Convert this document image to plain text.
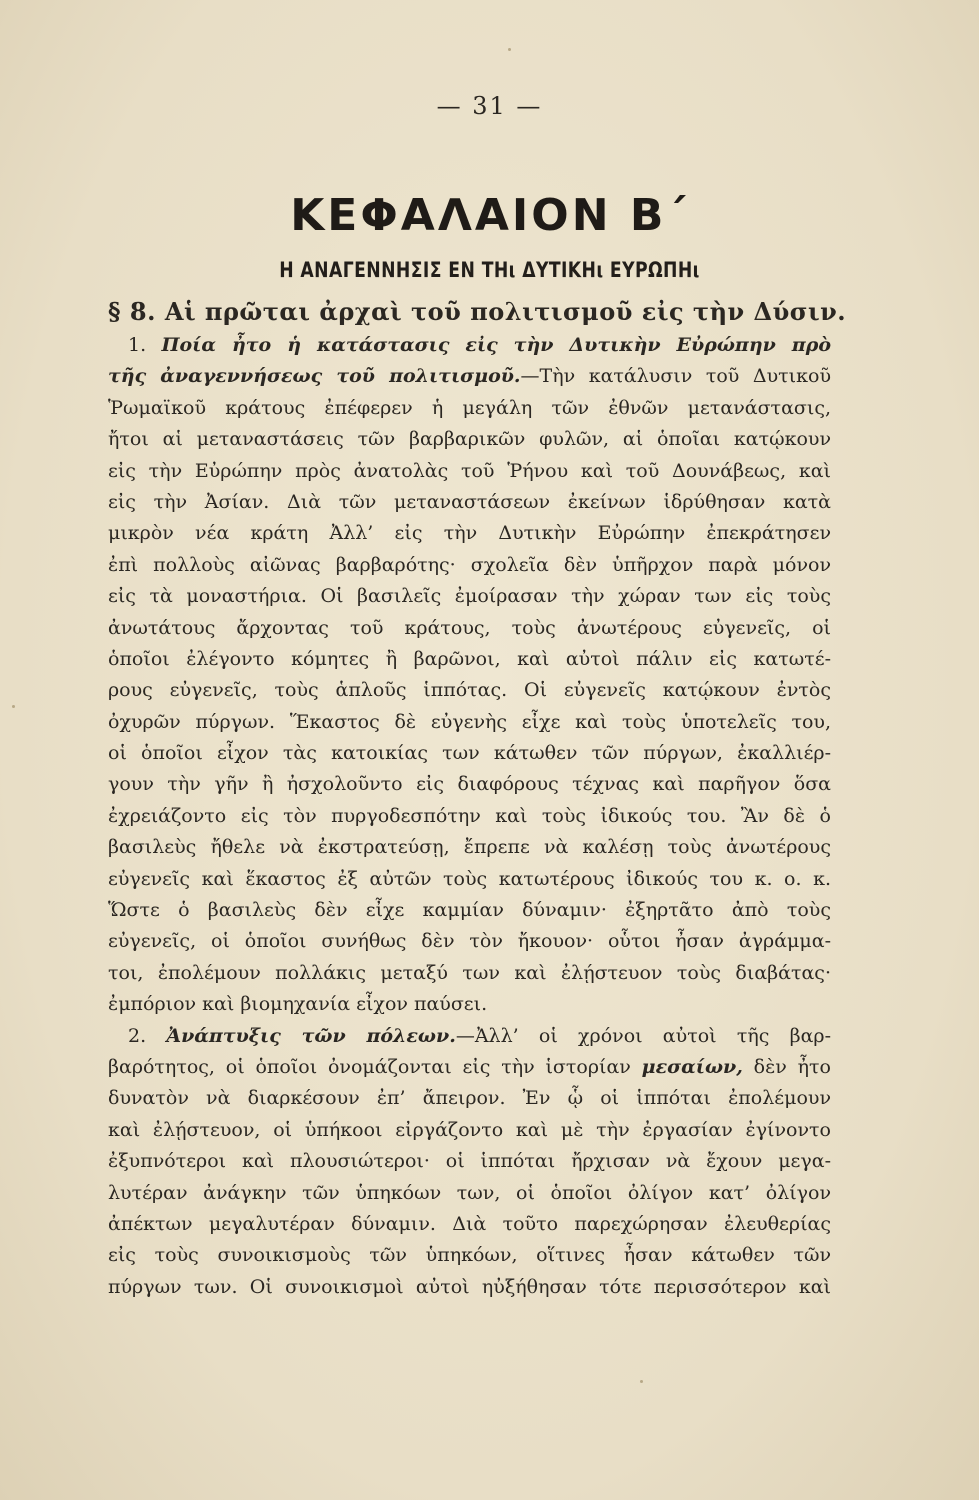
— 31 —
ΚΕΦΑΛΑΙΟΝ Β΄
Η ΑΝΑΓΕΝΝΗΣΙΣ ΕΝ ΤΗι ΔΥΤΙΚΗι ΕΥΡΩΠΗι
§ 8. Αἱ πρῶται ἀρχαὶ τοῦ πολιτισμοῦ εἰς τὴν Δύσιν.
1. Ποία ἦτο ἡ κατάστασις εἰς τὴν Δυτικὴν Εὐρώπην πρὸ
τῆς ἀναγεννήσεως τοῦ πολιτισμοῦ.—Τὴν κατάλυσιν τοῦ Δυτικοῦ
Ῥωμαϊκοῦ κράτους ἐπέφερεν ἡ μεγάλη τῶν ἐθνῶν μετανάστασις,
ἤτοι αἱ μεταναστάσεις τῶν βαρβαρικῶν φυλῶν, αἱ ὁποῖαι κατῴκουν
εἰς τὴν Εὐρώπην πρὸς ἀνατολὰς τοῦ Ῥήνου καὶ τοῦ Δουνάβεως, καὶ
εἰς τὴν Ἀσίαν. Διὰ τῶν μεταναστάσεων ἐκείνων ἱδρύθησαν κατὰ
μικρὸν νέα κράτη Ἀλλ’ εἰς τὴν Δυτικὴν Εὐρώπην ἐπεκράτησεν
ἐπὶ πολλοὺς αἰῶνας βαρβαρότης· σχολεῖα δὲν ὑπῆρχον παρὰ μόνον
εἰς τὰ μοναστήρια. Οἱ βασιλεῖς ἐμοίρασαν τὴν χώραν των εἰς τοὺς
ἀνωτάτους ἄρχοντας τοῦ κράτους, τοὺς ἀνωτέρους εὐγενεῖς, οἱ
ὁποῖοι ἐλέγοντο κόμητες ἢ βαρῶνοι, καὶ αὐτοὶ πάλιν εἰς κατωτέ-
ρους εὐγενεῖς, τοὺς ἁπλοῦς ἱππότας. Οἱ εὐγενεῖς κατῴκουν ἐντὸς
ὀχυρῶν πύργων. Ἕκαστος δὲ εὐγενὴς εἶχε καὶ τοὺς ὑποτελεῖς του,
οἱ ὁποῖοι εἶχον τὰς κατοικίας των κάτωθεν τῶν πύργων, ἐκαλλιέρ-
γουν τὴν γῆν ἢ ἠσχολοῦντο εἰς διαφόρους τέχνας καὶ παρῆγον ὅσα
ἐχρειάζοντο εἰς τὸν πυργοδεσπότην καὶ τοὺς ἰδικούς του. Ἂν δὲ ὁ
βασιλεὺς ἤθελε νὰ ἐκστρατεύσῃ, ἔπρεπε νὰ καλέσῃ τοὺς ἀνωτέρους
εὐγενεῖς καὶ ἕκαστος ἐξ αὐτῶν τοὺς κατωτέρους ἰδικούς του κ. ο. κ.
Ὥστε ὁ βασιλεὺς δὲν εἶχε καμμίαν δύναμιν· ἐξηρτᾶτο ἀπὸ τοὺς
εὐγενεῖς, οἱ ὁποῖοι συνήθως δὲν τὸν ἤκουον· οὗτοι ἦσαν ἀγράμμα-
τοι, ἐπολέμουν πολλάκις μεταξύ των καὶ ἐλῄστευον τοὺς διαβάτας·
ἐμπόριον καὶ βιομηχανία εἶχον παύσει.
2. Ἀνάπτυξις τῶν πόλεων.—Ἀλλ’ οἱ χρόνοι αὐτοὶ τῆς βαρ-
βαρότητος, οἱ ὁποῖοι ὀνομάζονται εἰς τὴν ἱστορίαν μεσαίων, δὲν ἦτο
δυνατὸν νὰ διαρκέσουν ἐπ’ ἄπειρον. Ἐν ᾧ οἱ ἱππόται ἐπολέμουν
καὶ ἐλῄστευον, οἱ ὑπήκοοι εἰργάζοντο καὶ μὲ τὴν ἐργασίαν ἐγίνοντο
ἐξυπνότεροι καὶ πλουσιώτεροι· οἱ ἱππόται ἤρχισαν νὰ ἔχουν μεγα-
λυτέραν ἀνάγκην τῶν ὑπηκόων των, οἱ ὁποῖοι ὀλίγον κατ’ ὀλίγον
ἀπέκτων μεγαλυτέραν δύναμιν. Διὰ τοῦτο παρεχώρησαν ἐλευθερίας
εἰς τοὺς συνοικισμοὺς τῶν ὑπηκόων, οἵτινες ἦσαν κάτωθεν τῶν
πύργων των. Οἱ συνοικισμοὶ αὐτοὶ ηὐξήθησαν τότε περισσότερον καὶ
